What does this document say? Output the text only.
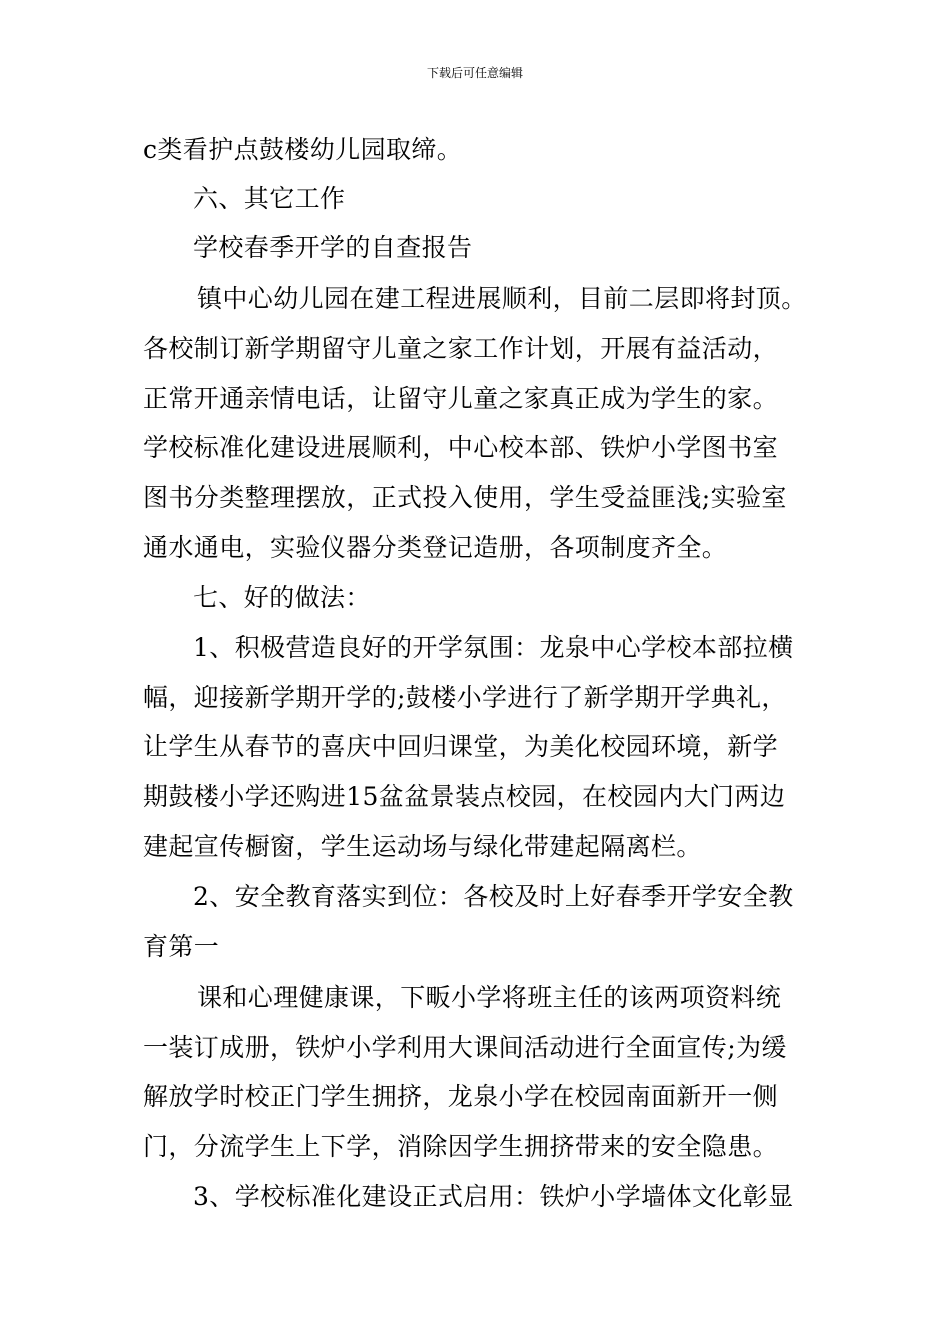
下载后可任意编辑
c类看护点鼓楼幼儿园取缔。
六、其它工作
学校春季开学的自查报告
镇中心幼儿园在建工程进展顺利，目前二层即将封顶。
各校制订新学期留守儿童之家工作计划，开展有益活动，
正常开通亲情电话，让留守儿童之家真正成为学生的家。
学校标准化建设进展顺利，中心校本部、铁炉小学图书室
图书分类整理摆放，正式投入使用，学生受益匪浅;实验室
通水通电，实验仪器分类登记造册，各项制度齐全。
七、好的做法：
1、积极营造良好的开学氛围：龙泉中心学校本部拉横
幅，迎接新学期开学的;鼓楼小学进行了新学期开学典礼，
让学生从春节的喜庆中回归课堂，为美化校园环境，新学
期鼓楼小学还购进15盆盆景装点校园，在校园内大门两边
建起宣传橱窗，学生运动场与绿化带建起隔离栏。
2、安全教育落实到位：各校及时上好春季开学安全教
育第一
课和心理健康课，下畈小学将班主任的该两项资料统
一装订成册，铁炉小学利用大课间活动进行全面宣传;为缓
解放学时校正门学生拥挤，龙泉小学在校园南面新开一侧
门，分流学生上下学，消除因学生拥挤带来的安全隐患。
3、学校标准化建设正式启用：铁炉小学墙体文化彰显
